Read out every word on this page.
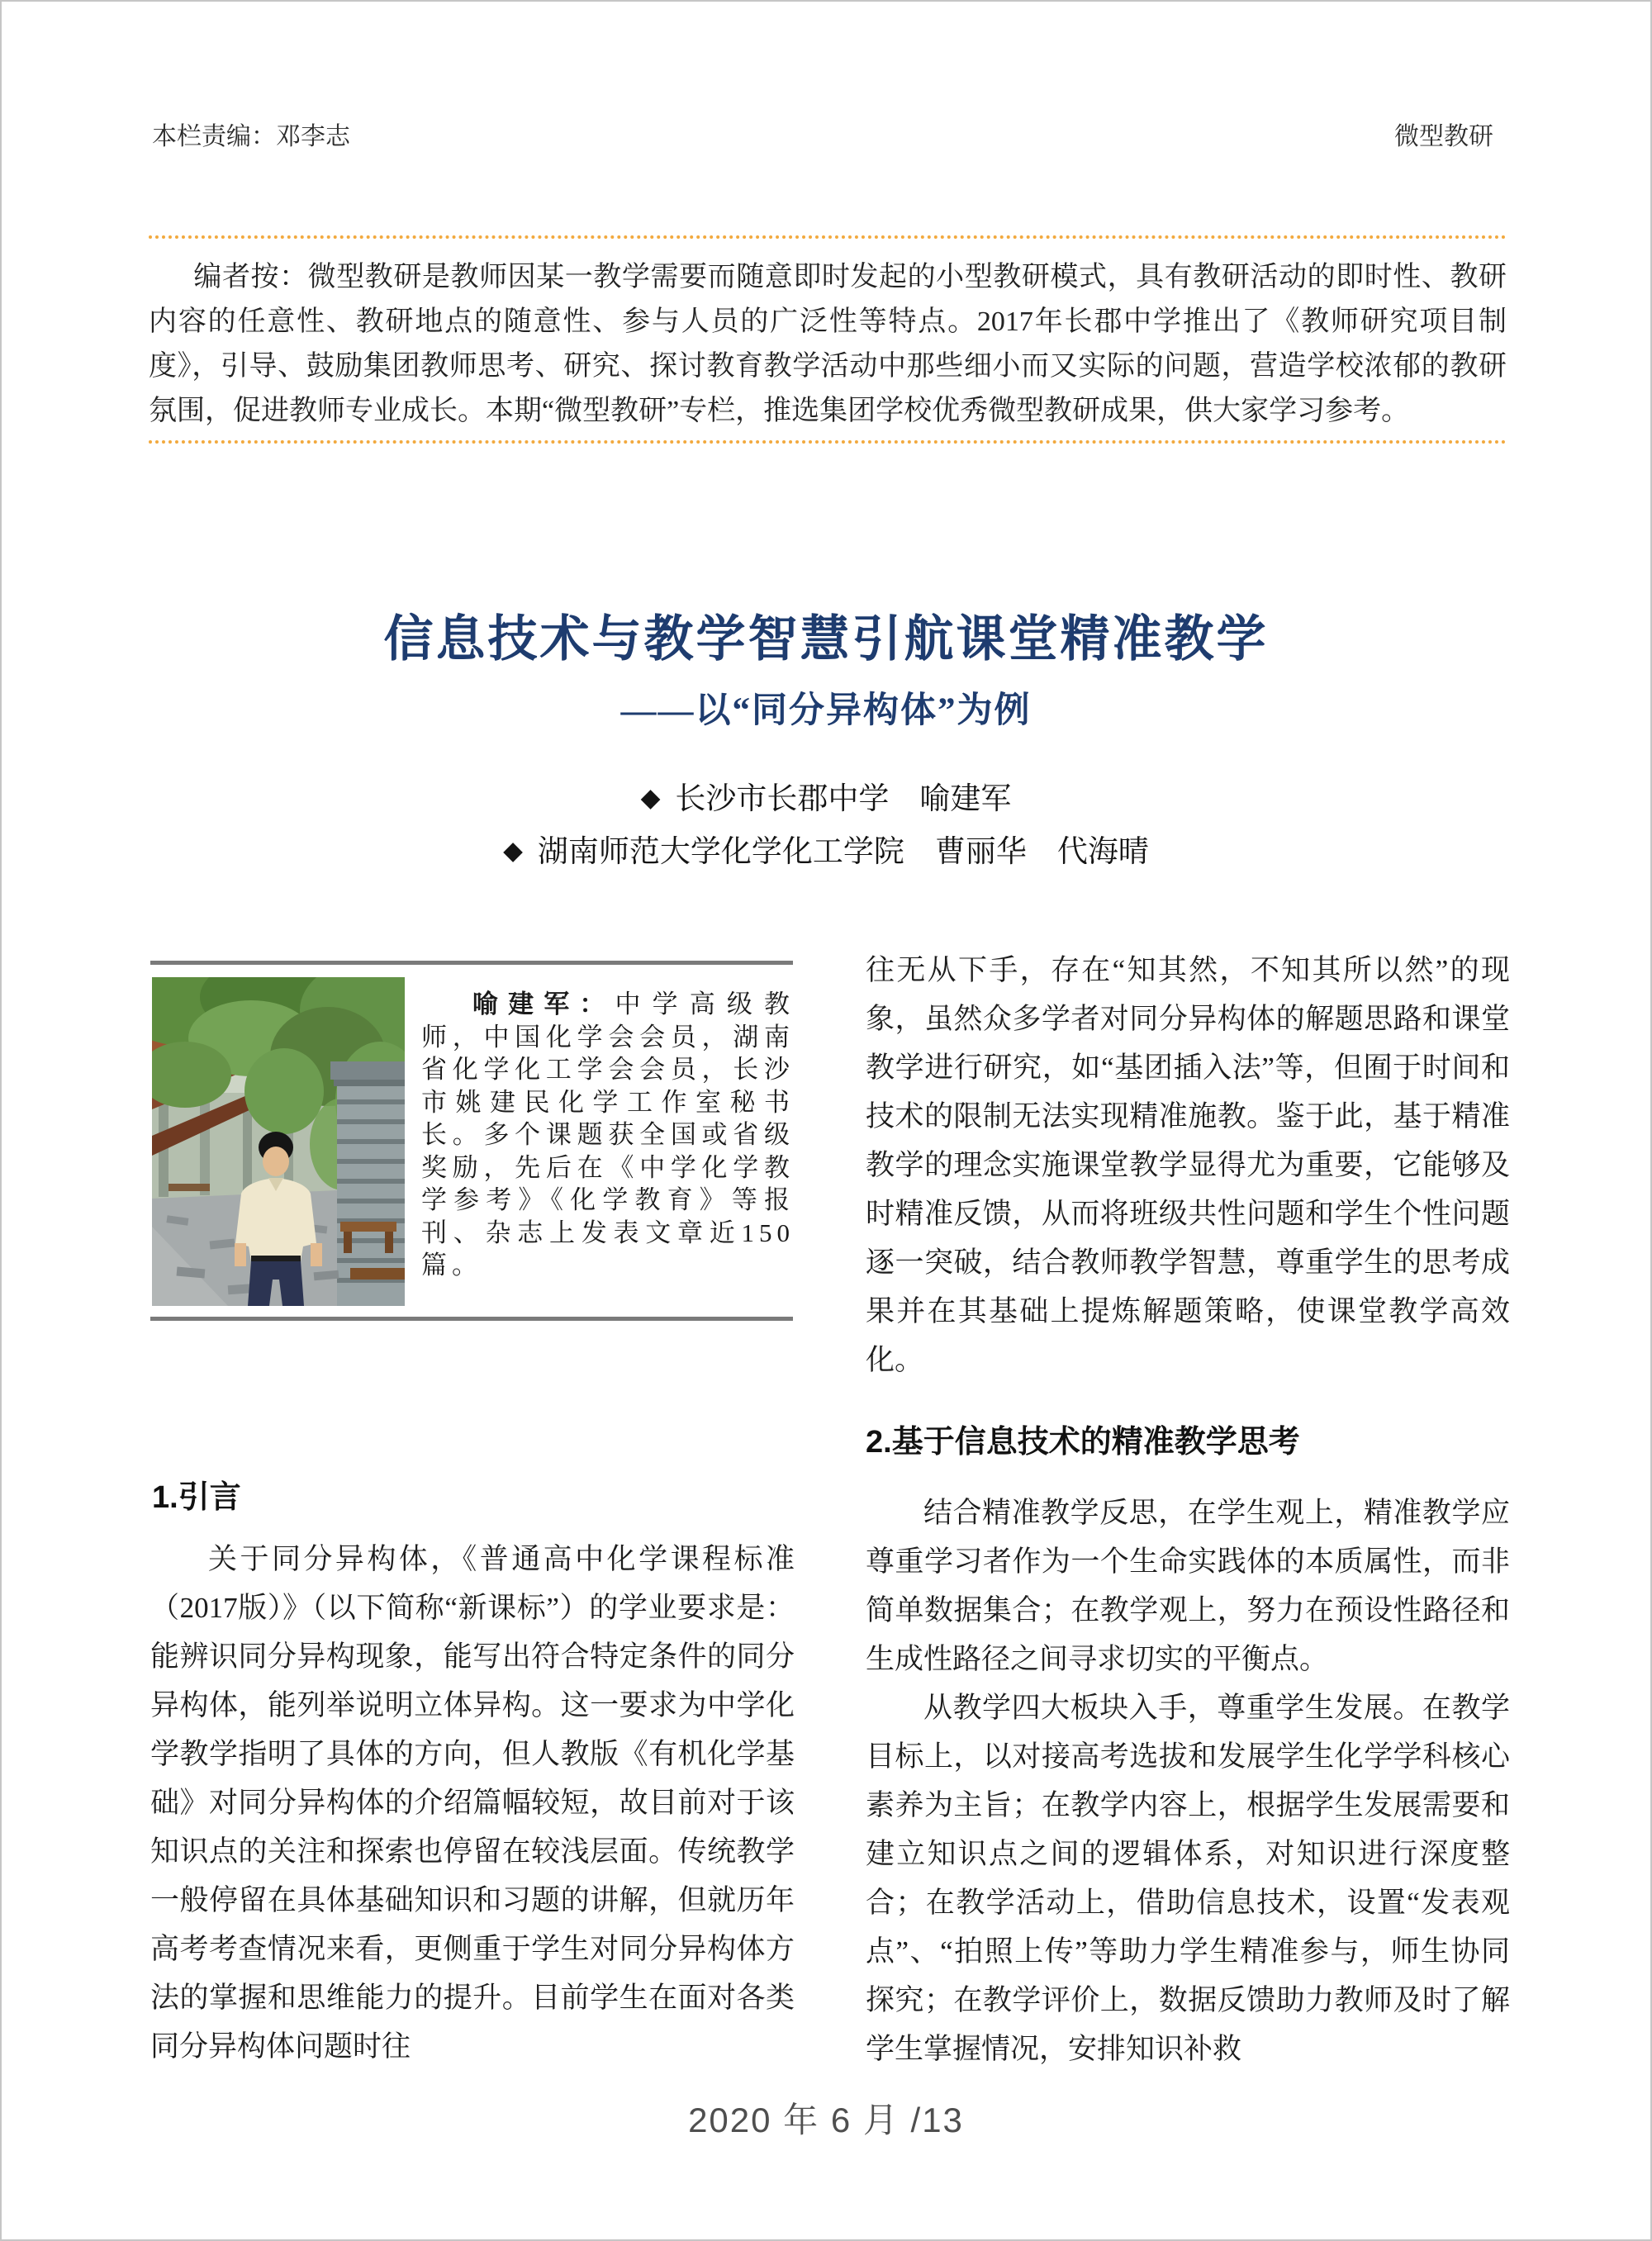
本栏责编：邓李志	微型教研

编者按：微型教研是教师因某一教学需要而随意即时发起的小型教研模式，具有教研活动的即时性、教研内容的任意性、教研地点的随意性、参与人员的广泛性等特点。2017年长郡中学推出了《教师研究项目制度》，引导、鼓励集团教师思考、研究、探讨教育教学活动中那些细小而又实际的问题，营造学校浓郁的教研氛围，促进教师专业成长。本期“微型教研”专栏，推选集团学校优秀微型教研成果，供大家学习参考。

信息技术与教学智慧引航课堂精准教学
——以“同分异构体”为例
◆ 长沙市长郡中学　喻建军
◆ 湖南师范大学化学化工学院　曹丽华　代海晴

喻建军：中学高级教师，中国化学会会员，湖南省化学化工学会会员，长沙市姚建民化学工作室秘书长。多个课题获全国或省级奖励，先后在《中学化学教学参考》《化学教育》等报刊、杂志上发表文章近150篇。

1.引言

关于同分异构体，《普通高中化学课程标准（2017版）》（以下简称“新课标”）的学业要求是：能辨识同分异构现象，能写出符合特定条件的同分异构体，能列举说明立体异构。这一要求为中学化学教学指明了具体的方向，但人教版《有机化学基础》对同分异构体的介绍篇幅较短，故目前对于该知识点的关注和探索也停留在较浅层面。传统教学一般停留在具体基础知识和习题的讲解，但就历年高考考查情况来看，更侧重于学生对同分异构体方法的掌握和思维能力的提升。目前学生在面对各类同分异构体问题时往

往无从下手，存在“知其然，不知其所以然”的现象，虽然众多学者对同分异构体的解题思路和课堂教学进行研究，如“基团插入法”等，但囿于时间和技术的限制无法实现精准施教。鉴于此，基于精准教学的理念实施课堂教学显得尤为重要，它能够及时精准反馈，从而将班级共性问题和学生个性问题逐一突破，结合教师教学智慧，尊重学生的思考成果并在其基础上提炼解题策略，使课堂教学高效化。

2.基于信息技术的精准教学思考

结合精准教学反思，在学生观上，精准教学应尊重学习者作为一个生命实践体的本质属性，而非简单数据集合；在教学观上，努力在预设性路径和生成性路径之间寻求切实的平衡点。

从教学四大板块入手，尊重学生发展。在教学目标上，以对接高考选拔和发展学生化学学科核心素养为主旨；在教学内容上，根据学生发展需要和建立知识点之间的逻辑体系，对知识进行深度整合；在教学活动上，借助信息技术，设置“发表观点”、“拍照上传”等助力学生精准参与，师生协同探究；在教学评价上，数据反馈助力教师及时了解学生掌握情况，安排知识补救

2020 年 6 月 /13
